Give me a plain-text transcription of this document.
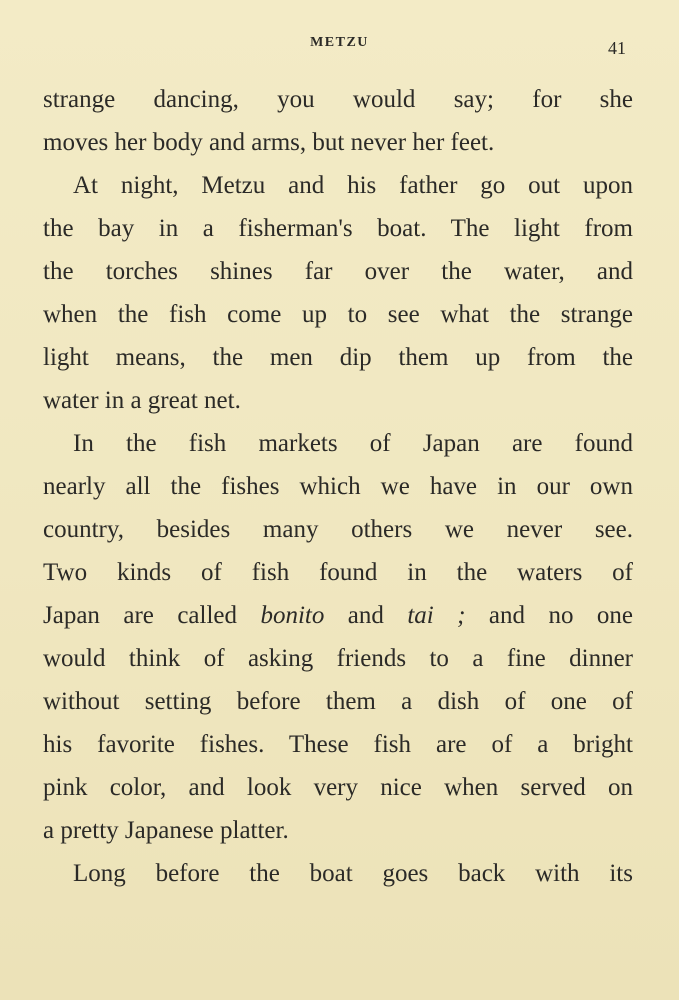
METZU	41
strange dancing, you would say; for she
moves her body and arms, but never her feet.
At night, Metzu and his father go out upon
the bay in a fisherman's boat. The light from
the torches shines far over the water, and
when the fish come up to see what the strange
light means, the men dip them up from the
water in a great net.
In the fish markets of Japan are found
nearly all the fishes which we have in our own
country, besides many others we never see.
Two kinds of fish found in the waters of
Japan are called bonito and tai ; and no one
would think of asking friends to a fine dinner
without setting before them a dish of one of
his favorite fishes. These fish are of a bright
pink color, and look very nice when served on
a pretty Japanese platter.
Long before the boat goes back with its
